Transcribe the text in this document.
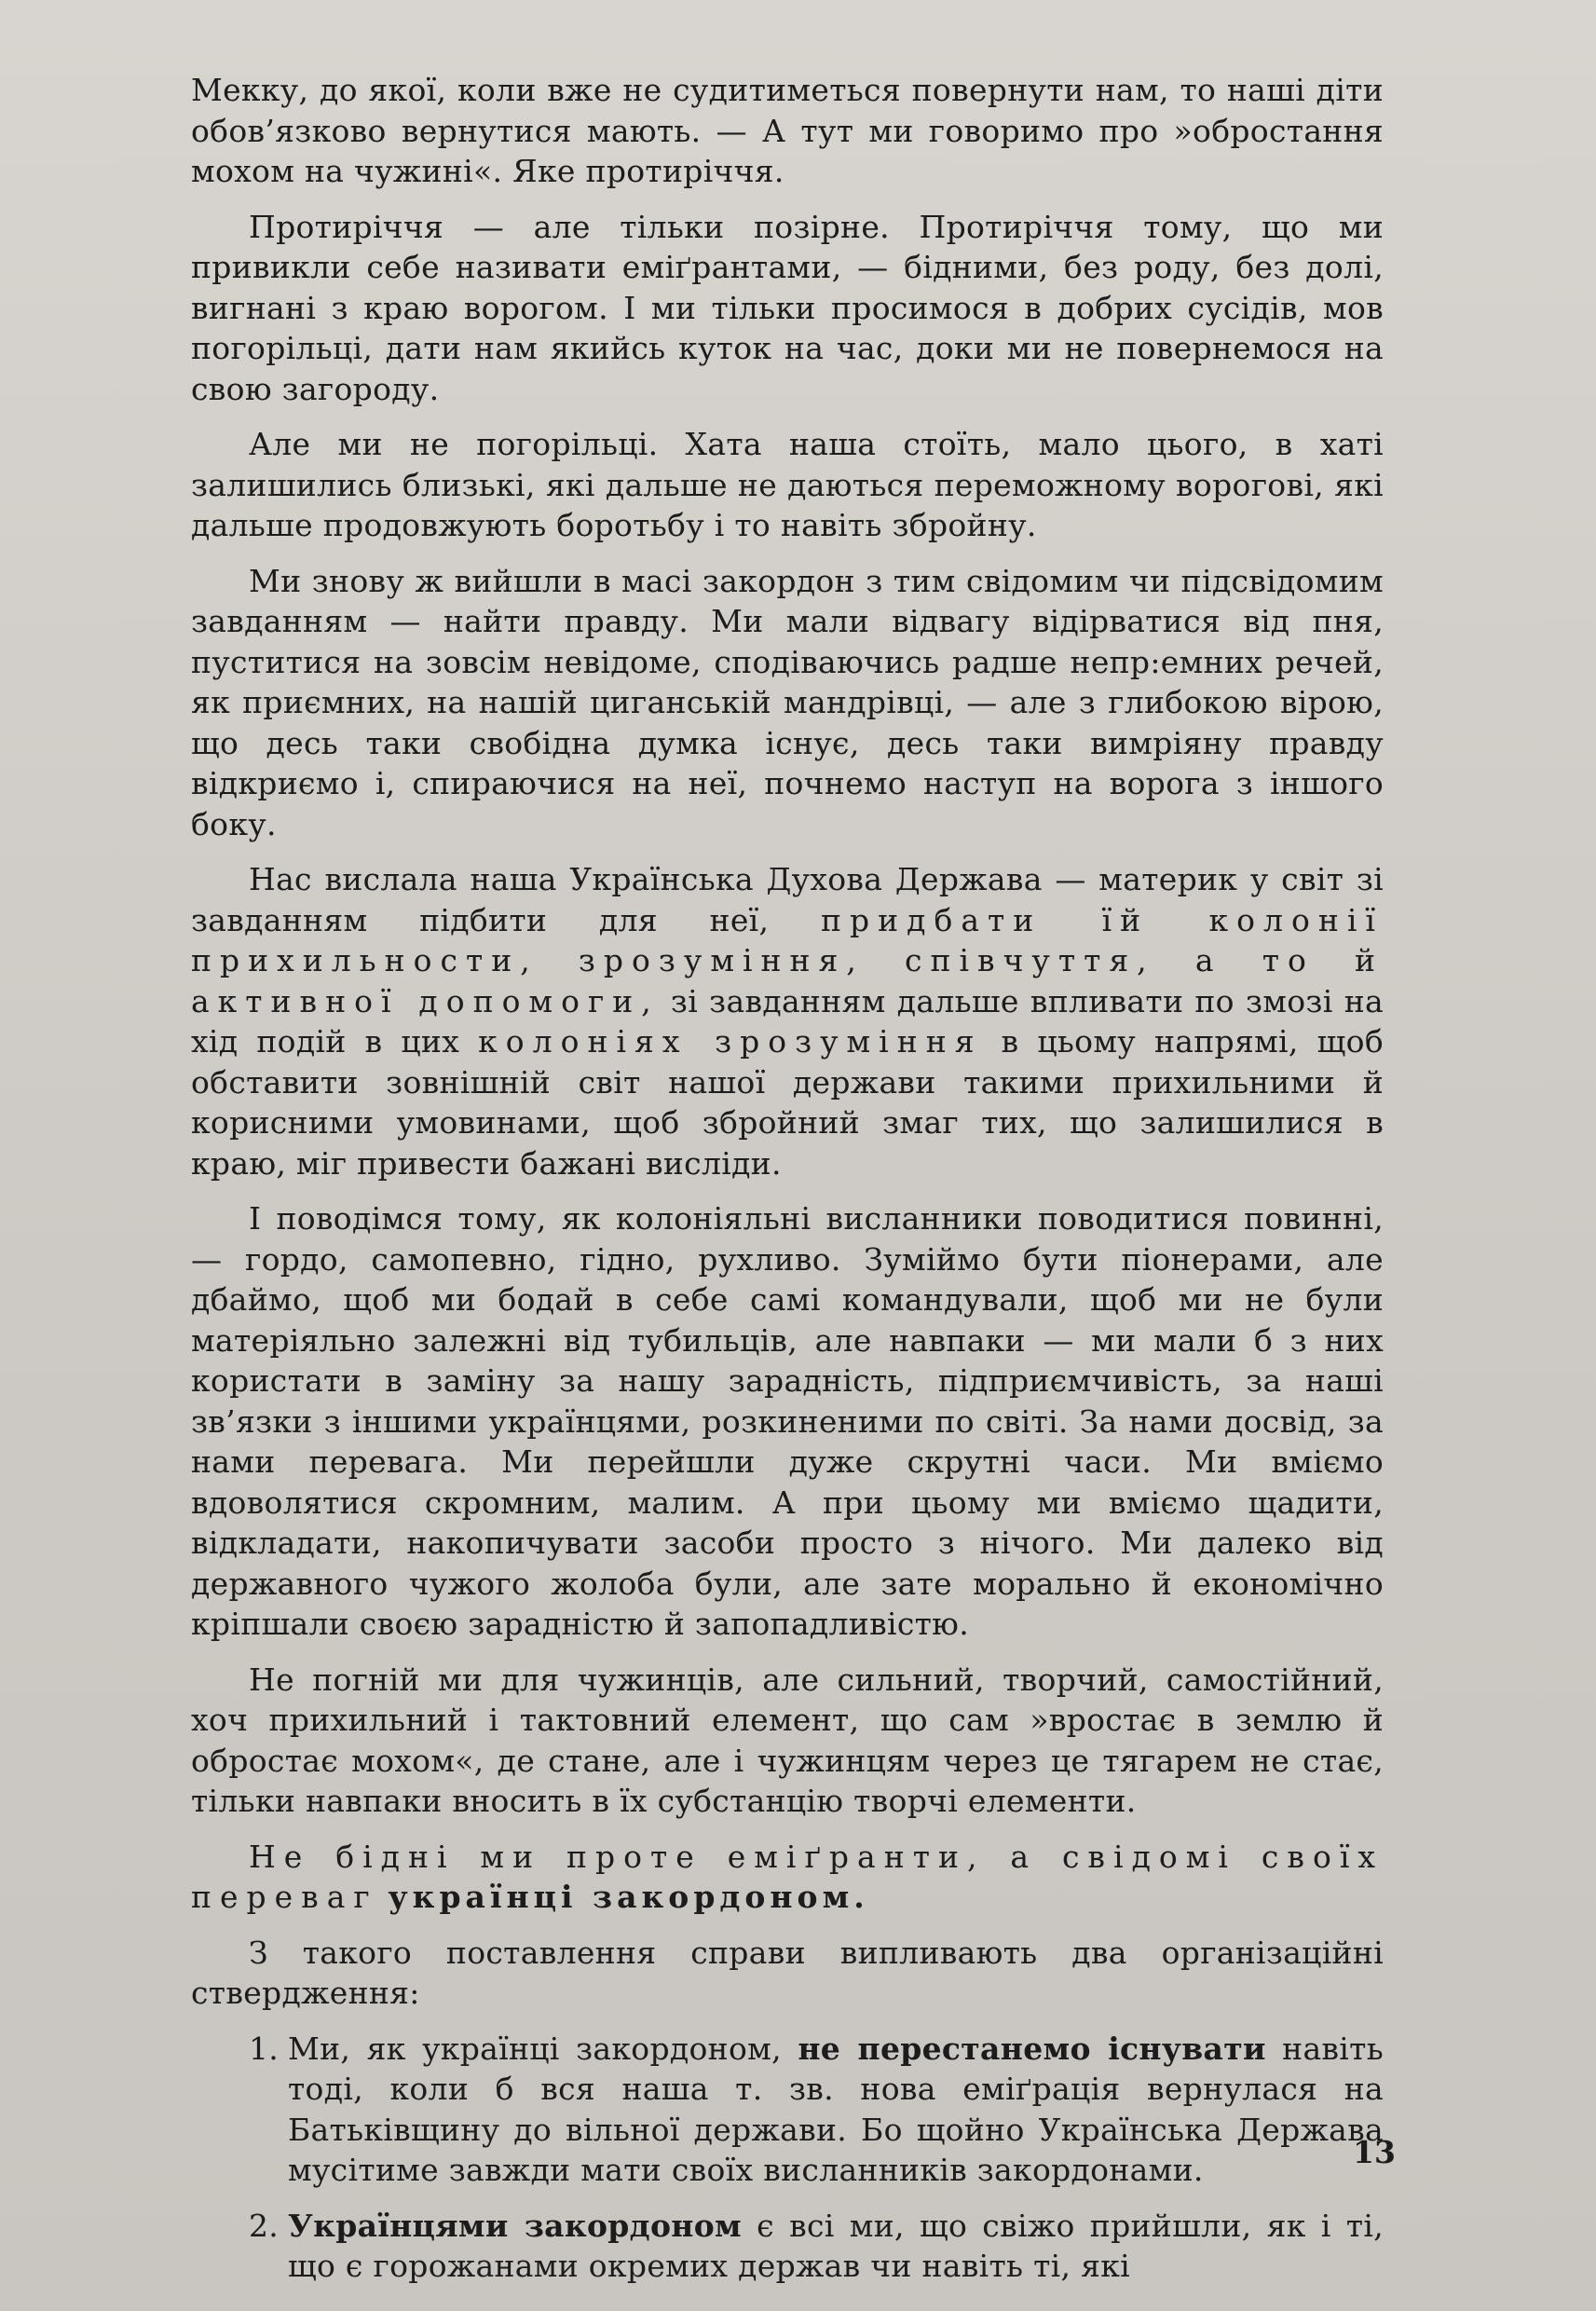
Мекку, до якої, коли вже не судитиметься повернути нам, то наші діти обов’язково вернутися мають. — А тут ми говоримо про »обростання мохом на чужині«. Яке протиріччя.

Протиріччя — але тільки позірне. Протиріччя тому, що ми привикли себе називати еміґрантами, — бідними, без роду, без долі, вигнані з краю ворогом. І ми тільки просимося в добрих сусідів, мов погорільці, дати нам якийсь куток на час, доки ми не повернемося на свою загороду.

Але ми не погорільці. Хата наша стоїть, мало цього, в хаті залишились близькі, які дальше не даються переможному ворогові, які дальше продовжують боротьбу і то навіть збройну.

Ми знову ж вийшли в масі закордон з тим свідомим чи підсвідомим завданням — найти правду. Ми мали відвагу відірватися від пня, пуститися на зовсім невідоме, сподіваючись радше непр:емних речей, як приємних, на нашій циганській мандрівці, — але з глибокою вірою, що десь таки свобідна думка існує, десь таки вимріяну правду відкриємо і, спираючися на неї, почнемо наступ на ворога з іншого боку.

Нас вислала наша Українська Духова Держава — материк у світ зі завданням підбити для неї, придбати їй колонії прихильности, зрозуміння, співчуття, а то й активної допомоги, зі завданням дальше впливати по змозі на хід подій в цих колоніях зрозуміння в цьому напрямі, щоб обставити зовнішній світ нашої держави такими прихильними й корисними умовинами, щоб збройний змаг тих, що залишилися в краю, міг привести бажані висліди.

І поводімся тому, як колоніяльні висланники поводитися повинні, — гордо, самопевно, гідно, рухливо. Зуміймо бути піонерами, але дбаймо, щоб ми бодай в себе самі командували, щоб ми не були матеріяльно залежні від тубильців, але навпаки — ми мали б з них користати в заміну за нашу зарадність, підприємчивість, за наші зв’язки з іншими українцями, розкиненими по світі. За нами досвід, за нами перевага. Ми перейшли дуже скрутні часи. Ми вміємо вдоволятися скромним, малим. А при цьому ми вміємо щадити, відкладати, накопичувати засоби просто з нічого. Ми далеко від державного чужого жолоба були, але зате морально й економічно кріпшали своєю зарадністю й запопадливістю.

Не погній ми для чужинців, але сильний, творчий, самостійний, хоч прихильний і тактовний елемент, що сам »вростає в землю й обростає мохом«, де стане, але і чужинцям через це тягарем не стає, тільки навпаки вносить в їх субстанцію творчі елементи.

Не бідні ми проте еміґранти, а свідомі своїх переваг українці закордоном.

З такого поставлення справи випливають два організаційні ствердження:

1. Ми, як українці закордоном, не перестанемо існувати навіть тоді, коли б вся наша т. зв. нова еміґрація вернулася на Батьківщину до вільної держави. Бо щойно Українська Держава мусітиме завжди мати своїх висланників закордонами.
2. Українцями закордоном є всі ми, що свіжо прийшли, як і ті, що є горожанами окремих держав чи навіть ті, які
13
